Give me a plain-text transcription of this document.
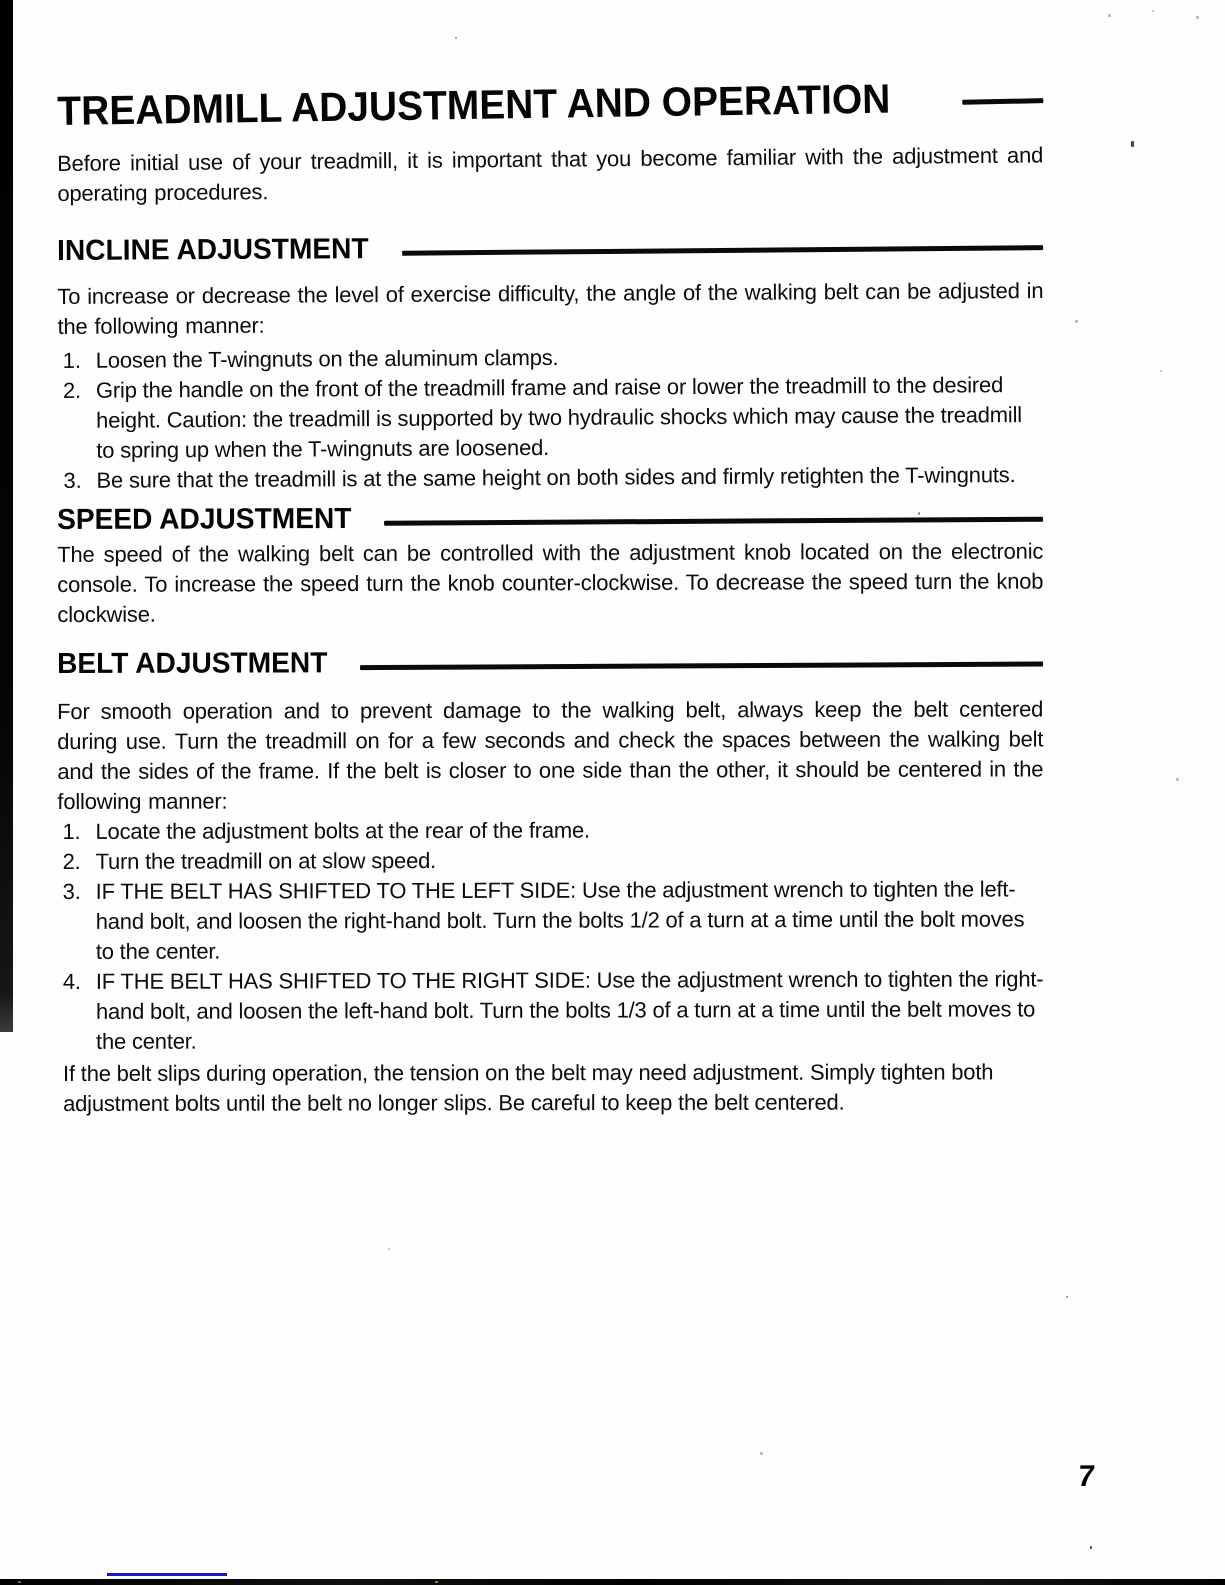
TREADMILL ADJUSTMENT AND OPERATION

Before initial use of your treadmill, it is important that you become familiar with the adjustment and operating procedures.

INCLINE ADJUSTMENT

To increase or decrease the level of exercise difficulty, the angle of the walking belt can be adjusted in the following manner:

1. Loosen the T-wingnuts on the aluminum clamps.
2. Grip the handle on the front of the treadmill frame and raise or lower the treadmill to the desired height. Caution: the treadmill is supported by two hydraulic shocks which may cause the treadmill to spring up when the T-wingnuts are loosened.
3. Be sure that the treadmill is at the same height on both sides and firmly retighten the T-wingnuts.
SPEED ADJUSTMENT

The speed of the walking belt can be controlled with the adjustment knob located on the electronic console. To increase the speed turn the knob counter-clockwise. To decrease the speed turn the knob clockwise.

BELT ADJUSTMENT

For smooth operation and to prevent damage to the walking belt, always keep the belt centered during use. Turn the treadmill on for a few seconds and check the spaces between the walking belt and the sides of the frame. If the belt is closer to one side than the other, it should be centered in the following manner:

1. Locate the adjustment bolts at the rear of the frame.
2. Turn the treadmill on at slow speed.
3. IF THE BELT HAS SHIFTED TO THE LEFT SIDE: Use the adjustment wrench to tighten the left-hand bolt, and loosen the right-hand bolt. Turn the bolts 1/2 of a turn at a time until the bolt moves to the center.
4. IF THE BELT HAS SHIFTED TO THE RIGHT SIDE: Use the adjustment wrench to tighten the right-hand bolt, and loosen the left-hand bolt. Turn the bolts 1/3 of a turn at a time until the belt moves to the center.

If the belt slips during operation, the tension on the belt may need adjustment. Simply tighten both adjustment bolts until the belt no longer slips. Be careful to keep the belt centered.

7
